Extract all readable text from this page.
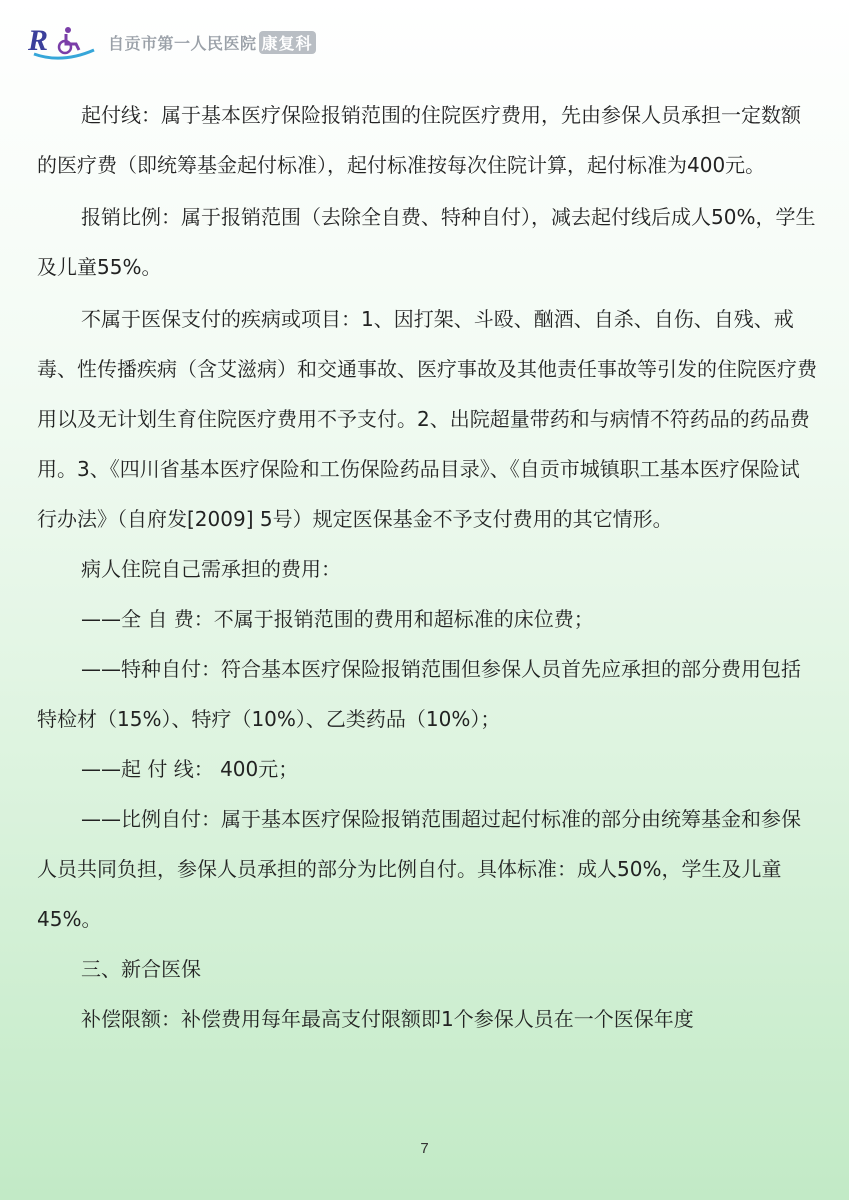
R	自贡市第一人民医院 康复科

起付线：属于基本医疗保险报销范围的住院医疗费用，先由参保人员承担一定数额的医疗费（即统筹基金起付标准），起付标准按每次住院计算，起付标准为400元。

报销比例：属于报销范围（去除全自费、特种自付），减去起付线后成人50%，学生及儿童55%。

不属于医保支付的疾病或项目：1、因打架、斗殴、酗酒、自杀、自伤、自残、戒毒、性传播疾病（含艾滋病）和交通事故、医疗事故及其他责任事故等引发的住院医疗费用以及无计划生育住院医疗费用不予支付。2、出院超量带药和与病情不符药品的药品费用。3、《四川省基本医疗保险和工伤保险药品目录》、《自贡市城镇职工基本医疗保险试行办法》（自府发[2009] 5号）规定医保基金不予支付费用的其它情形。

病人住院自己需承担的费用：

——全 自 费：不属于报销范围的费用和超标准的床位费；

——特种自付：符合基本医疗保险报销范围但参保人员首先应承担的部分费用包括特检材（15%）、特疗（10%）、乙类药品（10%）；

——起 付 线： 400元；

——比例自付：属于基本医疗保险报销范围超过起付标准的部分由统筹基金和参保人员共同负担，参保人员承担的部分为比例自付。具体标准：成人50%，学生及儿童45%。

三、新合医保

补偿限额：补偿费用每年最高支付限额即1个参保人员在一个医保年度

7
